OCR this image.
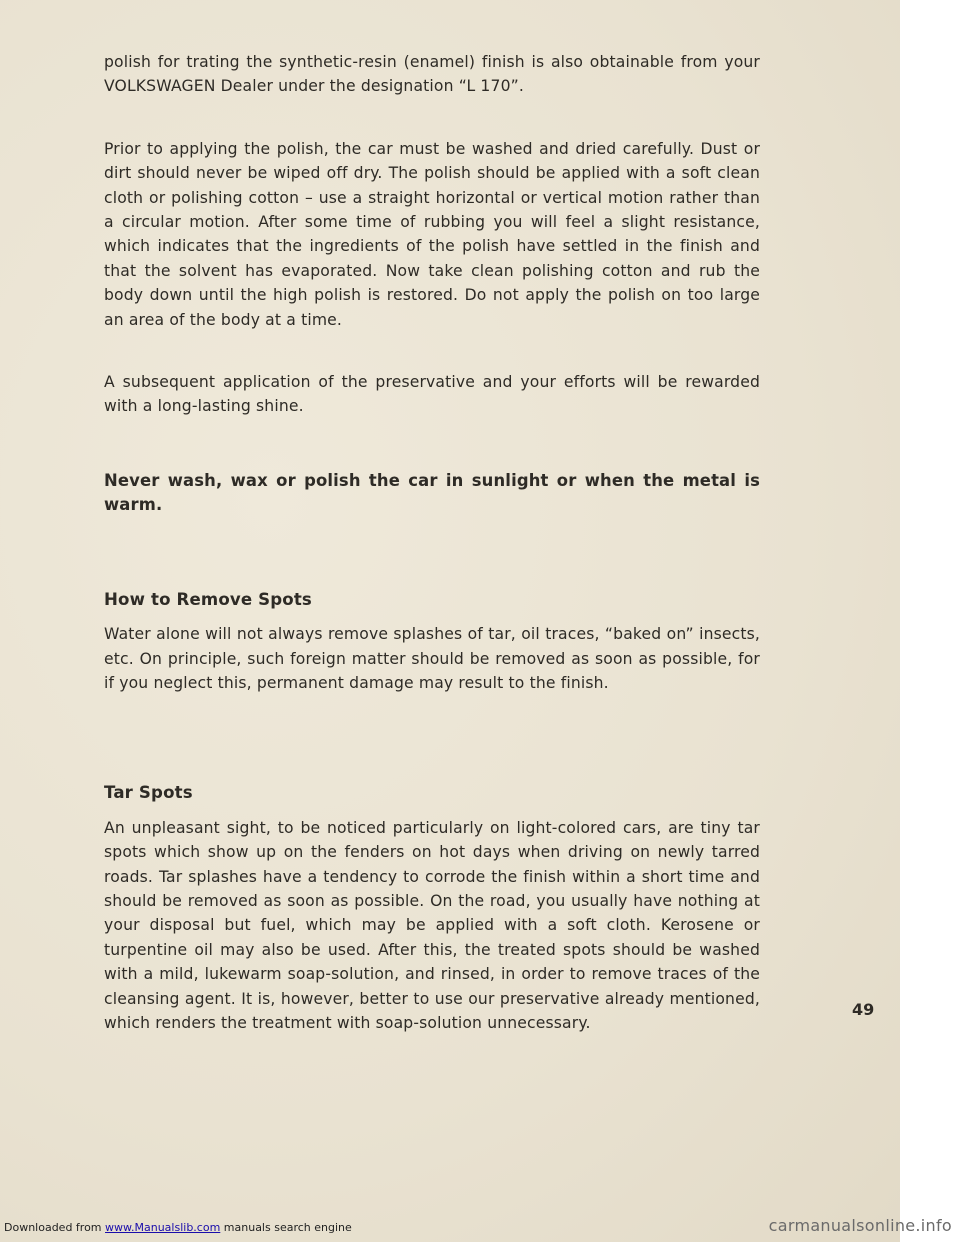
polish for trating the synthetic-resin (enamel) finish is also obtainable from your VOLKSWAGEN Dealer under the designation “L 170”.

Prior to applying the polish, the car must be washed and dried carefully. Dust or dirt should never be wiped off dry. The polish should be applied with a soft clean cloth or polishing cotton – use a straight horizontal or vertical motion rather than a circular motion. After some time of rubbing you will feel a slight resistance, which indicates that the ingredients of the polish have settled in the finish and that the solvent has evaporated. Now take clean polishing cotton and rub the body down until the high polish is restored. Do not apply the polish on too large an area of the body at a time.

A subsequent application of the preservative and your efforts will be rewarded with a long-lasting shine.

Never wash, wax or polish the car in sunlight or when the metal is warm.

How to Remove Spots

Water alone will not always remove splashes of tar, oil traces, “baked on” insects, etc. On principle, such foreign matter should be removed as soon as possible, for if you neglect this, permanent damage may result to the finish.

Tar Spots

An unpleasant sight, to be noticed particularly on light-colored cars, are tiny tar spots which show up on the fenders on hot days when driving on newly tarred roads. Tar splashes have a tendency to corrode the finish within a short time and should be removed as soon as possible. On the road, you usually have nothing at your disposal but fuel, which may be applied with a soft cloth. Kerosene or turpentine oil may also be used. After this, the treated spots should be washed with a mild, lukewarm soap-solution, and rinsed, in order to remove traces of the cleansing agent. It is, however, better to use our preservative already mentioned, which renders the treatment with soap-solution unnecessary.

49
Downloaded from www.Manualslib.com manuals search engine	carmanualsonline.info
